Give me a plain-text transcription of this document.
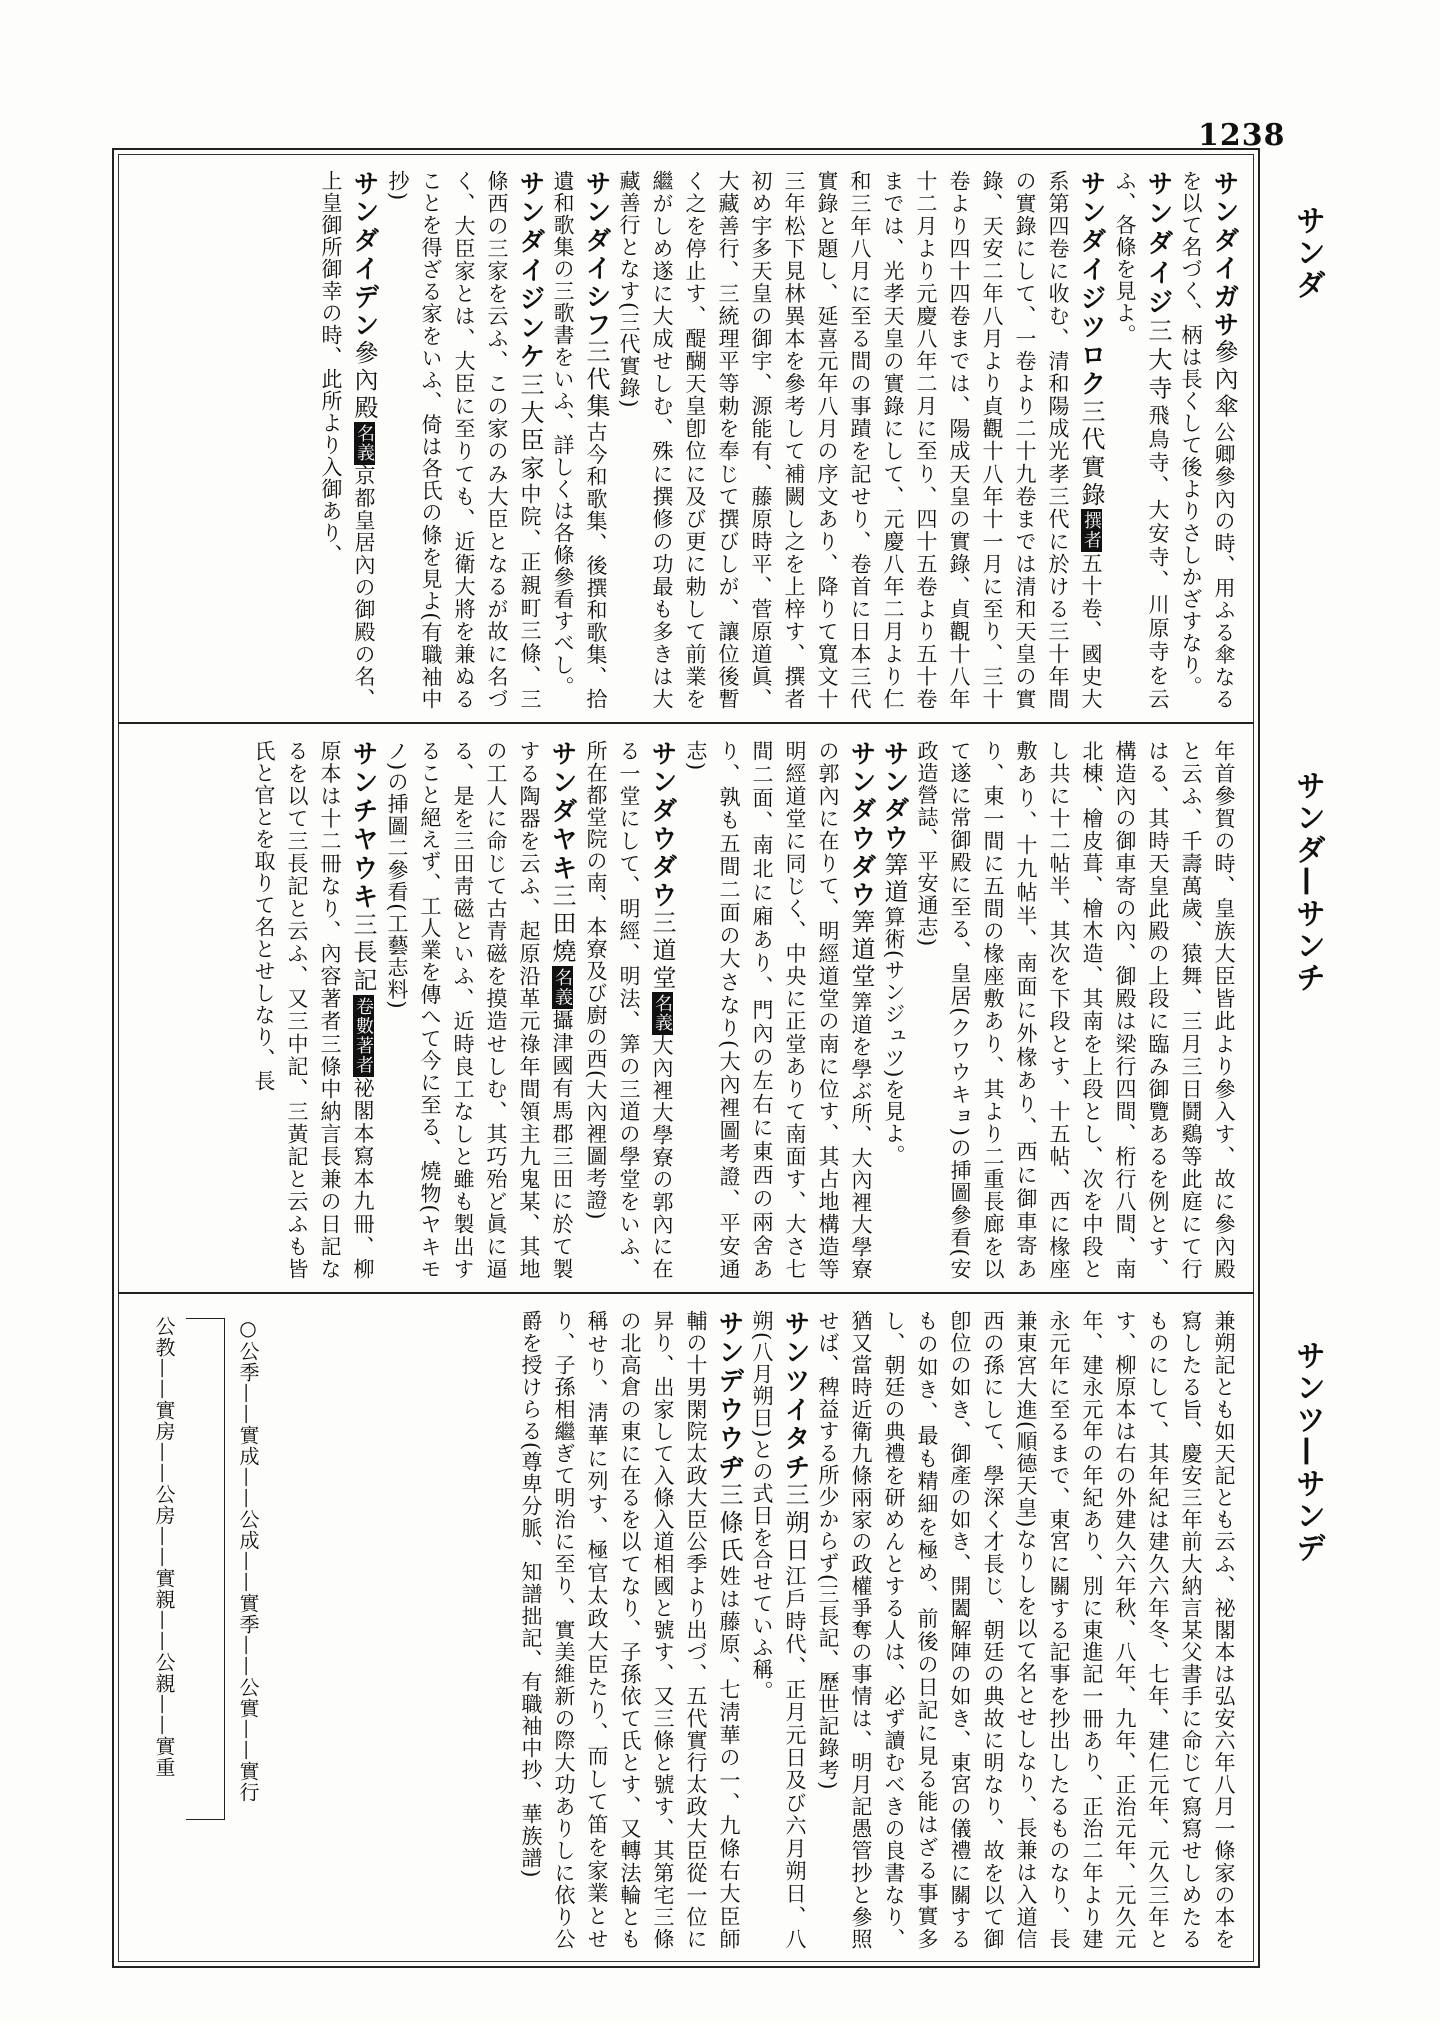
1238
サンダ
サンダ—サンチ
サンツ—サンデ
サンダイガサ參內傘公卿參內の時、用ふる傘なるを以て名づく、柄は長くして後よりさしかざすなり。
サンダイジ三大寺飛鳥寺、大安寺、川原寺を云ふ、各條を見よ。
サンダイジツロク三代實錄撰者五十卷、國史大系第四卷に收む、清和陽成光孝三代に於ける三十年間の實錄にして、一卷より二十九卷までは清和天皇の實錄、天安二年八月より貞觀十八年十一月に至り、三十卷より四十四卷までは、陽成天皇の實錄、貞觀十八年十二月より元慶八年二月に至り、四十五卷より五十卷までは、光孝天皇の實錄にして、元慶八年二月より仁和三年八月に至る間の事蹟を記せり、卷首に日本三代實錄と題し、延喜元年八月の序文あり、降りて寬文十三年松下見林異本を參考して補闕し之を上梓す、撰者初め宇多天皇の御宇、源能有、藤原時平、菅原道眞、大藏善行、三統理平等勅を奉じて撰びしが、讓位後暫く之を停止す、醍醐天皇卽位に及び更に勅して前業を繼がしめ遂に大成せしむ、殊に撰修の功最も多きは大藏善行となす(三代實錄)
サンダイシフ三代集古今和歌集、後撰和歌集、拾遺和歌集の三歌書をいふ、詳しくは各條參看すべし。
サンダイジンケ三大臣家中院、正親町三條、三條西の三家を云ふ、この家のみ大臣となるが故に名づく、大臣家とは、大臣に至りても、近衛大將を兼ぬることを得ざる家をいふ、倚は各氏の條を見よ(有職袖中抄)
サンダイデン參內殿名義京都皇居內の御殿の名、上皇御所御幸の時、此所より入御あり、
年首參賀の時、皇族大臣皆此より參入す、故に參內殿と云ふ、千壽萬歲、猿舞、三月三日鬪鷄等此庭にて行はる、其時天皇此殿の上段に臨み御覽あるを例とす、構造內の御車寄の內、御殿は梁行四間、桁行八間、南北棟、檜皮葺、檜木造、其南を上段とし、次を中段とし共に十二帖半、其次を下段とす、十五帖、西に椽座敷あり、十九帖半、南面に外椽あり、西に御車寄あり、東一間に五間の椽座敷あり、其より二重長廊を以て遂に常御殿に至る、皇居(クワウキョ)の挿圖參看(安政造營誌、平安通志)
サンダウ筭道算術(サンジュツ)を見よ。
サンダウダウ筭道堂筭道を學ぶ所、大內裡大學寮の郭內に在りて、明經道堂の南に位す、其占地構造等明經道堂に同じく、中央に正堂ありて南面す、大さ七間二面、南北に廂あり、門內の左右に東西の兩舍あり、孰も五間二面の大さなり(大內裡圖考證、平安通志)
サンダウダウ三道堂名義大內裡大學寮の郭內に在る一堂にして、明經、明法、筭の三道の學堂をいふ、所在都堂院の南、本寮及び廚の西(大內裡圖考證)
サンダヤキ三田燒名義攝津國有馬郡三田に於て製する陶器を云ふ、起原沿革元祿年間領主九鬼某、其地の工人に命じて古青磁を摸造せしむ、其巧殆ど眞に逼る、是を三田靑磁といふ、近時良工なしと雖も製出すること絕えず、工人業を傳へて今に至る、燒物(ヤキモノ)の挿圖二參看(工藝志料)
サンチヤウキ三長記卷數著者祕閣本寫本九冊、柳原本は十二冊なり、內容著者三條中納言長兼の日記なるを以て三長記と云ふ、又三中記、三黃記と云ふも皆氏と官とを取りて名とせしなり、長
兼朔記とも如天記とも云ふ、祕閣本は弘安六年八月一條家の本を寫したる旨、慶安三年前大納言某父書手に命じて寫寫せしめたるものにして、其年紀は建久六年冬、七年、建仁元年、元久三年とす、柳原本は右の外建久六年秋、八年、九年、正治元年、元久元年、建永元年の年紀あり、別に東進記一冊あり、正治二年より建永元年に至るまで、東宮に關する記事を抄出したるものなり、長兼東宮大進(順德天皇)なりしを以て名とせしなり、長兼は入道信西の孫にして、學深く才長じ、朝廷の典故に明なり、故を以て御卽位の如き、御產の如き、開闔解陣の如き、東宮の儀禮に關するもの如き、最も精細を極め、前後の日記に見る能はざる事實多し、朝廷の典禮を研めんとする人は、必ず讀むべきの良書なり、猶又當時近衛九條兩家の政權爭奪の事情は、明月記愚管抄と參照せば、稗益する所少からず(三長記、歷世記錄考)
サンツイタチ三朔日江戶時代、正月元日及び六月朔日、八朔(八月朔日)との式日を合せていふ稱。
サンデウウヂ三條氏姓は藤原、七淸華の一、九條右大臣師輔の十男閑院太政大臣公季より出づ、五代實行太政大臣從一位に昇り、出家して入條入道相國と號す、又三條と號す、其第宅三條の北高倉の東に在るを以てなり、子孫依て氏とす、又轉法輪とも稱せり、淸華に列す、極官太政大臣たり、而して笛を家業とせり、子孫相繼ぎて明治に至り、實美維新の際大功ありしに依り公爵を授けらる(尊卑分脈、知譜拙記、有職袖中抄、華族譜)
○公季——實成——公成——實季——公實——實行
公教——實房——公房——實親——公親——實重
